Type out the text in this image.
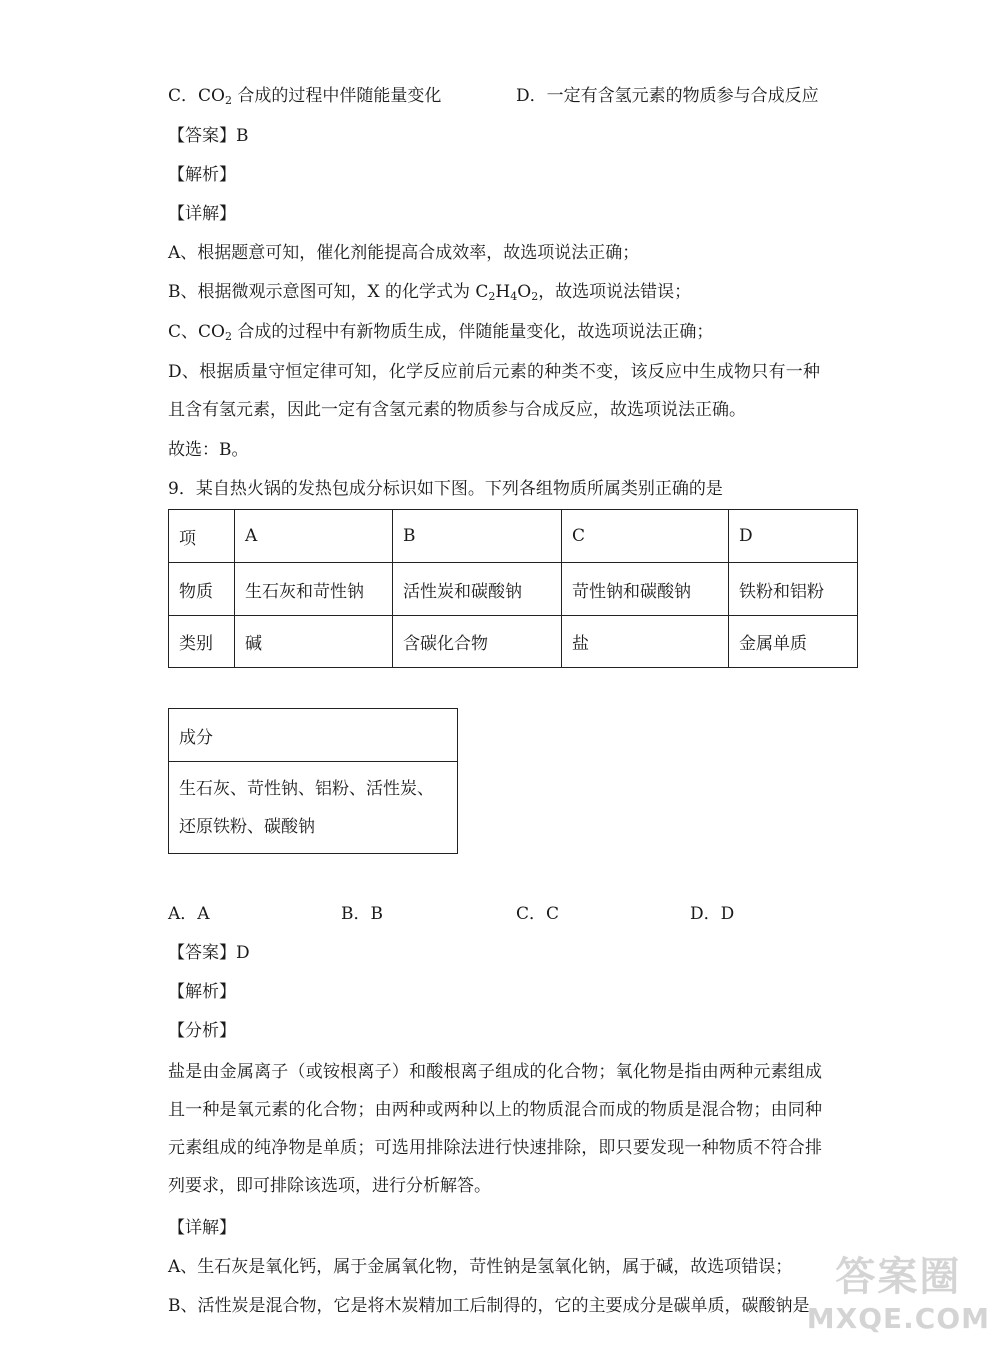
C．$CO_2$ 合成的过程中伴随能量变化	D．一定有含氢元素的物质参与合成反应
【答案】B
【解析】
【详解】
A、根据题意可知，催化剂能提高合成效率，故选项说法正确；
B、根据微观示意图可知，X 的化学式为 $C_2H_4O_2$，故选项说法错误；
C、$CO_2$ 合成的过程中有新物质生成，伴随能量变化，故选项说法正确；
D、根据质量守恒定律可知，化学反应前后元素的种类不变，该反应中生成物只有一种且含有氢元素，因此一定有含氢元素的物质参与合成反应，故选项说法正确。
故选：B。
9．某自热火锅的发热包成分标识如下图。下列各组物质所属类别正确的是
项	A	B	C	D
物质	生石灰和苛性钠	活性炭和碳酸钠	苛性钠和碳酸钠	铁粉和铝粉
类别	碱	含碳化合物	盐	金属单质
成分

生石灰、苛性钠、铝粉、活性炭、
还原铁粉、碳酸钠
A．A	B．B	C．C	D．D
【答案】D
【解析】
【分析】
盐是由金属离子（或铵根离子）和酸根离子组成的化合物；氧化物是指由两种元素组成且一种是氧元素的化合物；由两种或两种以上的物质混合而成的物质是混合物；由同种元素组成的纯净物是单质；可选用排除法进行快速排除，即只要发现一种物质不符合排列要求，即可排除该选项，进行分析解答。
【详解】
A、生石灰是氧化钙，属于金属氧化物，苛性钠是氢氧化钠，属于碱，故选项错误；
B、活性炭是混合物，它是将木炭精加工后制得的，它的主要成分是碳单质，碳酸钠是
答案圈
MXQE.COM
